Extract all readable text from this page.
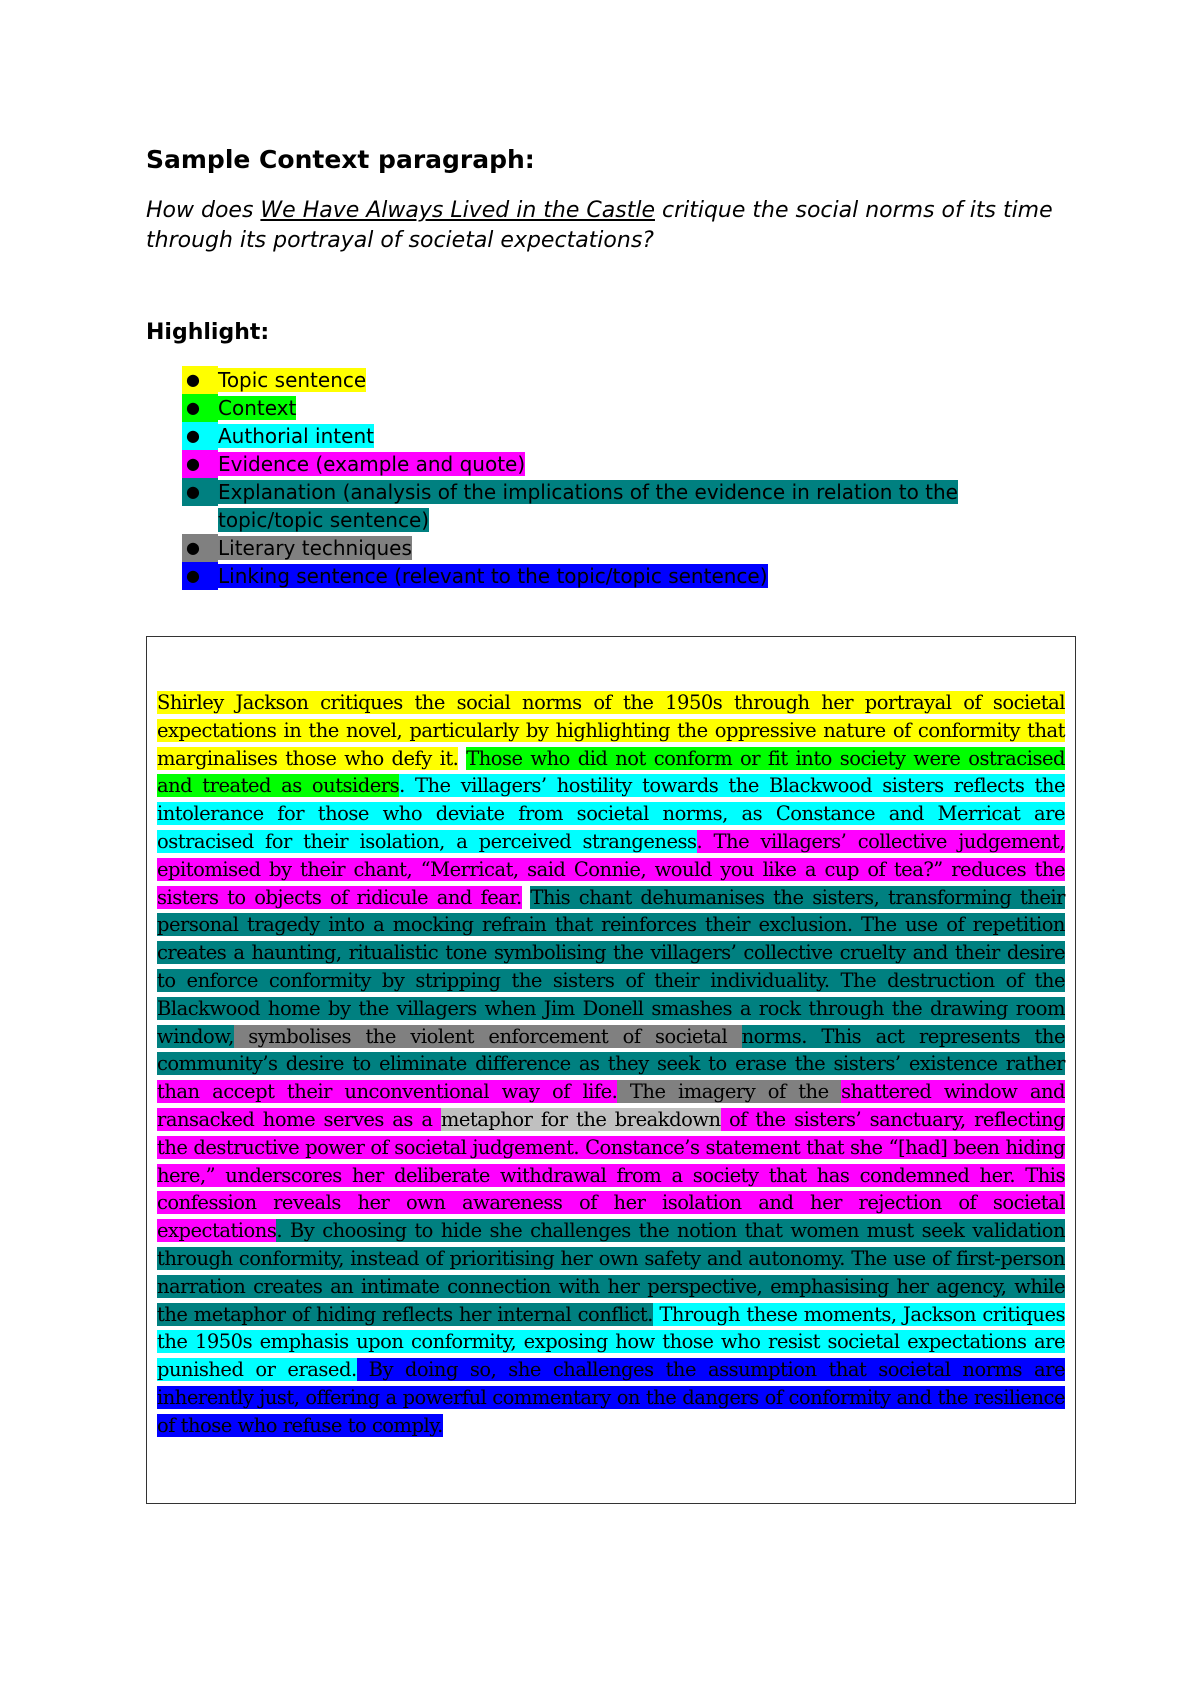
Sample Context paragraph:

How does We Have Always Lived in the Castle critique the social norms of its time through its portrayal of societal expectations?

Highlight:
● Topic sentence
● Context
● Authorial intent
● Evidence (example and quote)
● Explanation (analysis of the implications of the evidence in relation to the topic/topic sentence)
● Literary techniques
● Linking sentence (relevant to the topic/topic sentence)

Shirley Jackson critiques the social norms of the 1950s through her portrayal of societal expectations in the novel, particularly by highlighting the oppressive nature of conformity that marginalises those who defy it. Those who did not conform or fit into society were ostracised and treated as outsiders. The villagers’ hostility towards the Blackwood sisters reflects the intolerance for those who deviate from societal norms, as Constance and Merricat are ostracised for their isolation, a perceived strangeness. The villagers’ collective judgement, epitomised by their chant, “Merricat, said Connie, would you like a cup of tea?” reduces the sisters to objects of ridicule and fear. This chant dehumanises the sisters, transforming their personal tragedy into a mocking refrain that reinforces their exclusion. The use of repetition creates a haunting, ritualistic tone symbolising the villagers’ collective cruelty and their desire to enforce conformity by stripping the sisters of their individuality. The destruction of the Blackwood home by the villagers when Jim Donell smashes a rock through the drawing room window, symbolises the violent enforcement of societal norms. This act represents the community’s desire to eliminate difference as they seek to erase the sisters’ existence rather than accept their unconventional way of life. The imagery of the shattered window and ransacked home serves as a metaphor for the breakdown of the sisters’ sanctuary, reflecting the destructive power of societal judgement. Constance’s statement that she “[had] been hiding here,” underscores her deliberate withdrawal from a society that has condemned her. This confession reveals her own awareness of her isolation and her rejection of societal expectations. By choosing to hide she challenges the notion that women must seek validation through conformity, instead of prioritising her own safety and autonomy. The use of first-person narration creates an intimate connection with her perspective, emphasising her agency, while the metaphor of hiding reflects her internal conflict. Through these moments, Jackson critiques the 1950s emphasis upon conformity, exposing how those who resist societal expectations are punished or erased. By doing so, she challenges the assumption that societal norms are inherently just, offering a powerful commentary on the dangers of conformity and the resilience of those who refuse to comply.
